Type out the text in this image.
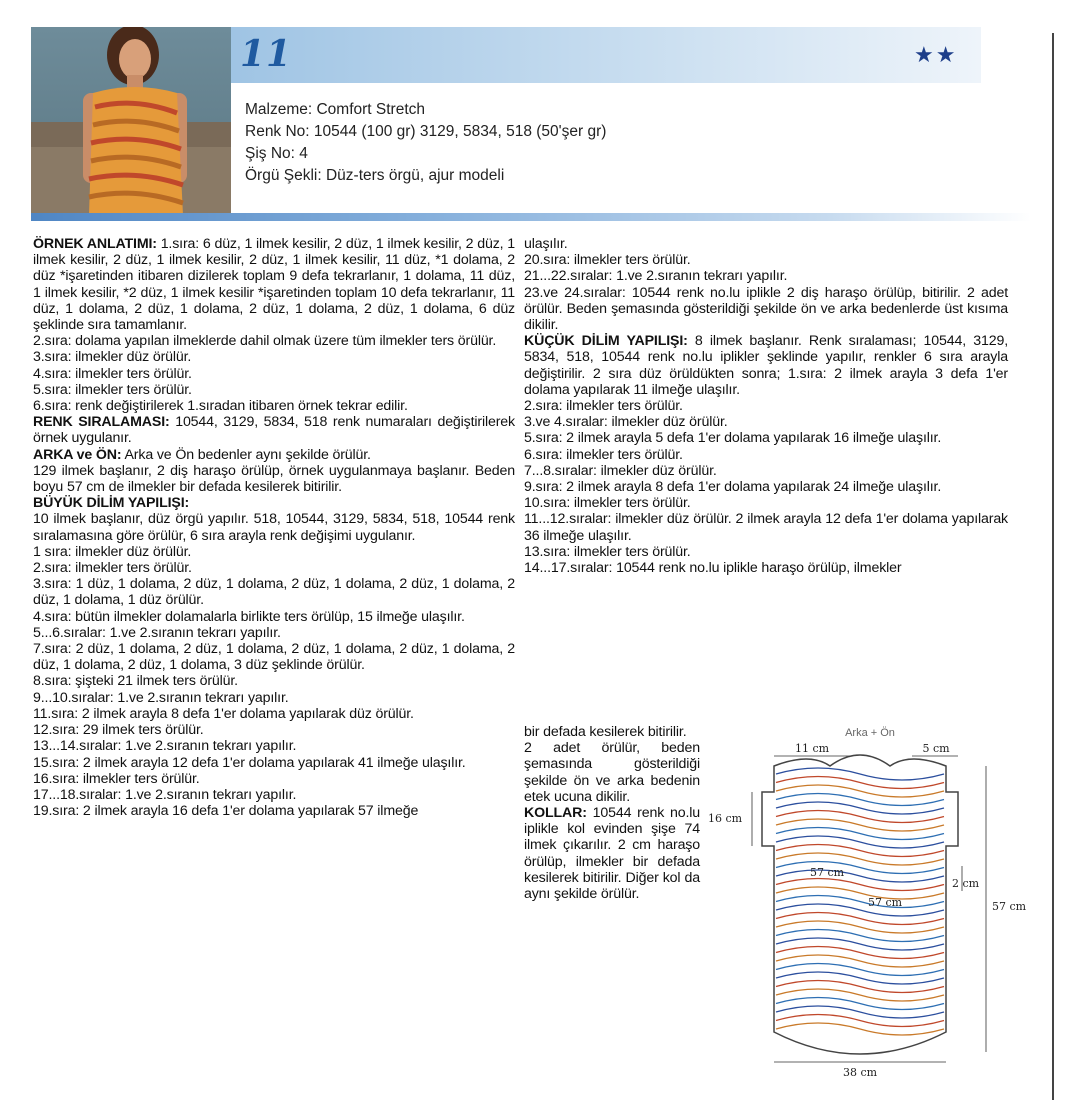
11	★★
Malzeme: Comfort Stretch
Renk No: 10544 (100 gr) 3129, 5834, 518 (50'şer gr)
Şiş No: 4
Örgü Şekli: Düz-ters örgü, ajur modeli

ÖRNEK ANLATIMI: 1.sıra: 6 düz, 1 ilmek kesilir, 2 düz, 1 ilmek kesilir, 2 düz, 1 ilmek kesilir, 2 düz, 1 ilmek kesilir, 2 düz, 1 ilmek kesilir, 11 düz, *1 dolama, 2 düz *işaretinden itibaren dizilerek toplam 9 defa tekrarlanır, 1 dolama, 11 düz, 1 ilmek kesilir, *2 düz, 1 ilmek kesilir *işaretinden toplam 10 defa tekrarlanır, 11 düz, 1 dolama, 2 düz, 1 dolama, 2 düz, 1 dolama, 2 düz, 1 dolama, 6 düz şeklinde sıra tamamlanır.

2.sıra: dolama yapılan ilmeklerde dahil olmak üzere tüm ilmekler ters örülür.

3.sıra: ilmekler düz örülür.

4.sıra: ilmekler ters örülür.

5.sıra: ilmekler ters örülür.

6.sıra: renk değiştirilerek 1.sıradan itibaren örnek tekrar edilir.

RENK SIRALAMASI: 10544, 3129, 5834, 518 renk numaraları değiştirilerek örnek uygulanır.

ARKA ve ÖN: Arka ve Ön bedenler aynı şekilde örülür.

129 ilmek başlanır, 2 diş haraşo örülüp, örnek uygulanmaya başlanır. Beden boyu 57 cm de ilmekler bir defada kesilerek bitirilir.

BÜYÜK DİLİM YAPILIŞI:

10 ilmek başlanır, düz örgü yapılır. 518, 10544, 3129, 5834, 518, 10544 renk sıralamasına göre örülür, 6 sıra arayla renk değişimi uygulanır.

1 sıra: ilmekler düz örülür.

2.sıra: ilmekler ters örülür.

3.sıra: 1 düz, 1 dolama, 2 düz, 1 dolama, 2 düz, 1 dolama, 2 düz, 1 dolama, 2 düz, 1 dolama, 1 düz örülür.

4.sıra: bütün ilmekler dolamalarla birlikte ters örülüp, 15 ilmeğe ulaşılır.

5...6.sıralar: 1.ve 2.sıranın tekrarı yapılır.

7.sıra: 2 düz, 1 dolama, 2 düz, 1 dolama, 2 düz, 1 dolama, 2 düz, 1 dolama, 2 düz, 1 dolama, 2 düz, 1 dolama, 3 düz şeklinde örülür.

8.sıra: şişteki 21 ilmek ters örülür.

9...10.sıralar: 1.ve 2.sıranın tekrarı yapılır.

11.sıra: 2 ilmek arayla 8 defa 1'er dolama yapılarak düz örülür.

12.sıra: 29 ilmek ters örülür.

13...14.sıralar: 1.ve 2.sıranın tekrarı yapılır.

15.sıra: 2 ilmek arayla 12 defa 1'er dolama yapılarak 41 ilmeğe ulaşılır.

16.sıra: ilmekler ters örülür.

17...18.sıralar: 1.ve 2.sıranın tekrarı yapılır.

19.sıra: 2 ilmek arayla 16 defa 1'er dolama yapılarak 57 ilmeğe

ulaşılır.

20.sıra: ilmekler ters örülür.

21...22.sıralar: 1.ve 2.sıranın tekrarı yapılır.

23.ve 24.sıralar: 10544 renk no.lu iplikle 2 diş haraşo örülüp, bitirilir. 2 adet örülür. Beden şemasında gösterildiği şekilde ön ve arka bedenlerde üst kısıma dikilir.

KÜÇÜK DİLİM YAPILIŞI: 8 ilmek başlanır. Renk sıralaması; 10544, 3129, 5834, 518, 10544 renk no.lu iplikler şeklinde yapılır, renkler 6 sıra arayla değiştirilir. 2 sıra düz örüldükten sonra; 1.sıra: 2 ilmek arayla 3 defa 1'er dolama yapılarak 11 ilmeğe ulaşılır.

2.sıra: ilmekler ters örülür.

3.ve 4.sıralar: ilmekler düz örülür.

5.sıra: 2 ilmek arayla 5 defa 1'er dolama yapılarak 16 ilmeğe ulaşılır.

6.sıra: ilmekler ters örülür.

7...8.sıralar: ilmekler düz örülür.

9.sıra: 2 ilmek arayla 8 defa 1'er dolama yapılarak 24 ilmeğe ulaşılır.

10.sıra: ilmekler ters örülür.

11...12.sıralar: ilmekler düz örülür. 2 ilmek arayla 12 defa 1'er dolama yapılarak 36 ilmeğe ulaşılır.

13.sıra: ilmekler ters örülür.

14...17.sıralar: 10544 renk no.lu iplikle haraşo örülüp, ilmekler

bir defada kesilerek bitirilir.

2 adet örülür, beden şemasında gösterildiği şekilde ön ve arka bedenin etek ucuna dikilir.

KOLLAR: 10544 renk no.lu iplikle kol evinden şişe 74 ilmek çıkarılır. 2 cm haraşo örülüp, ilmekler bir defada kesilerek bitirilir. Diğer kol da aynı şekilde örülür.

Arka + Ön
11 cm	5 cm
16 cm
57 cm
57 cm
2 cm
57 cm
38 cm
